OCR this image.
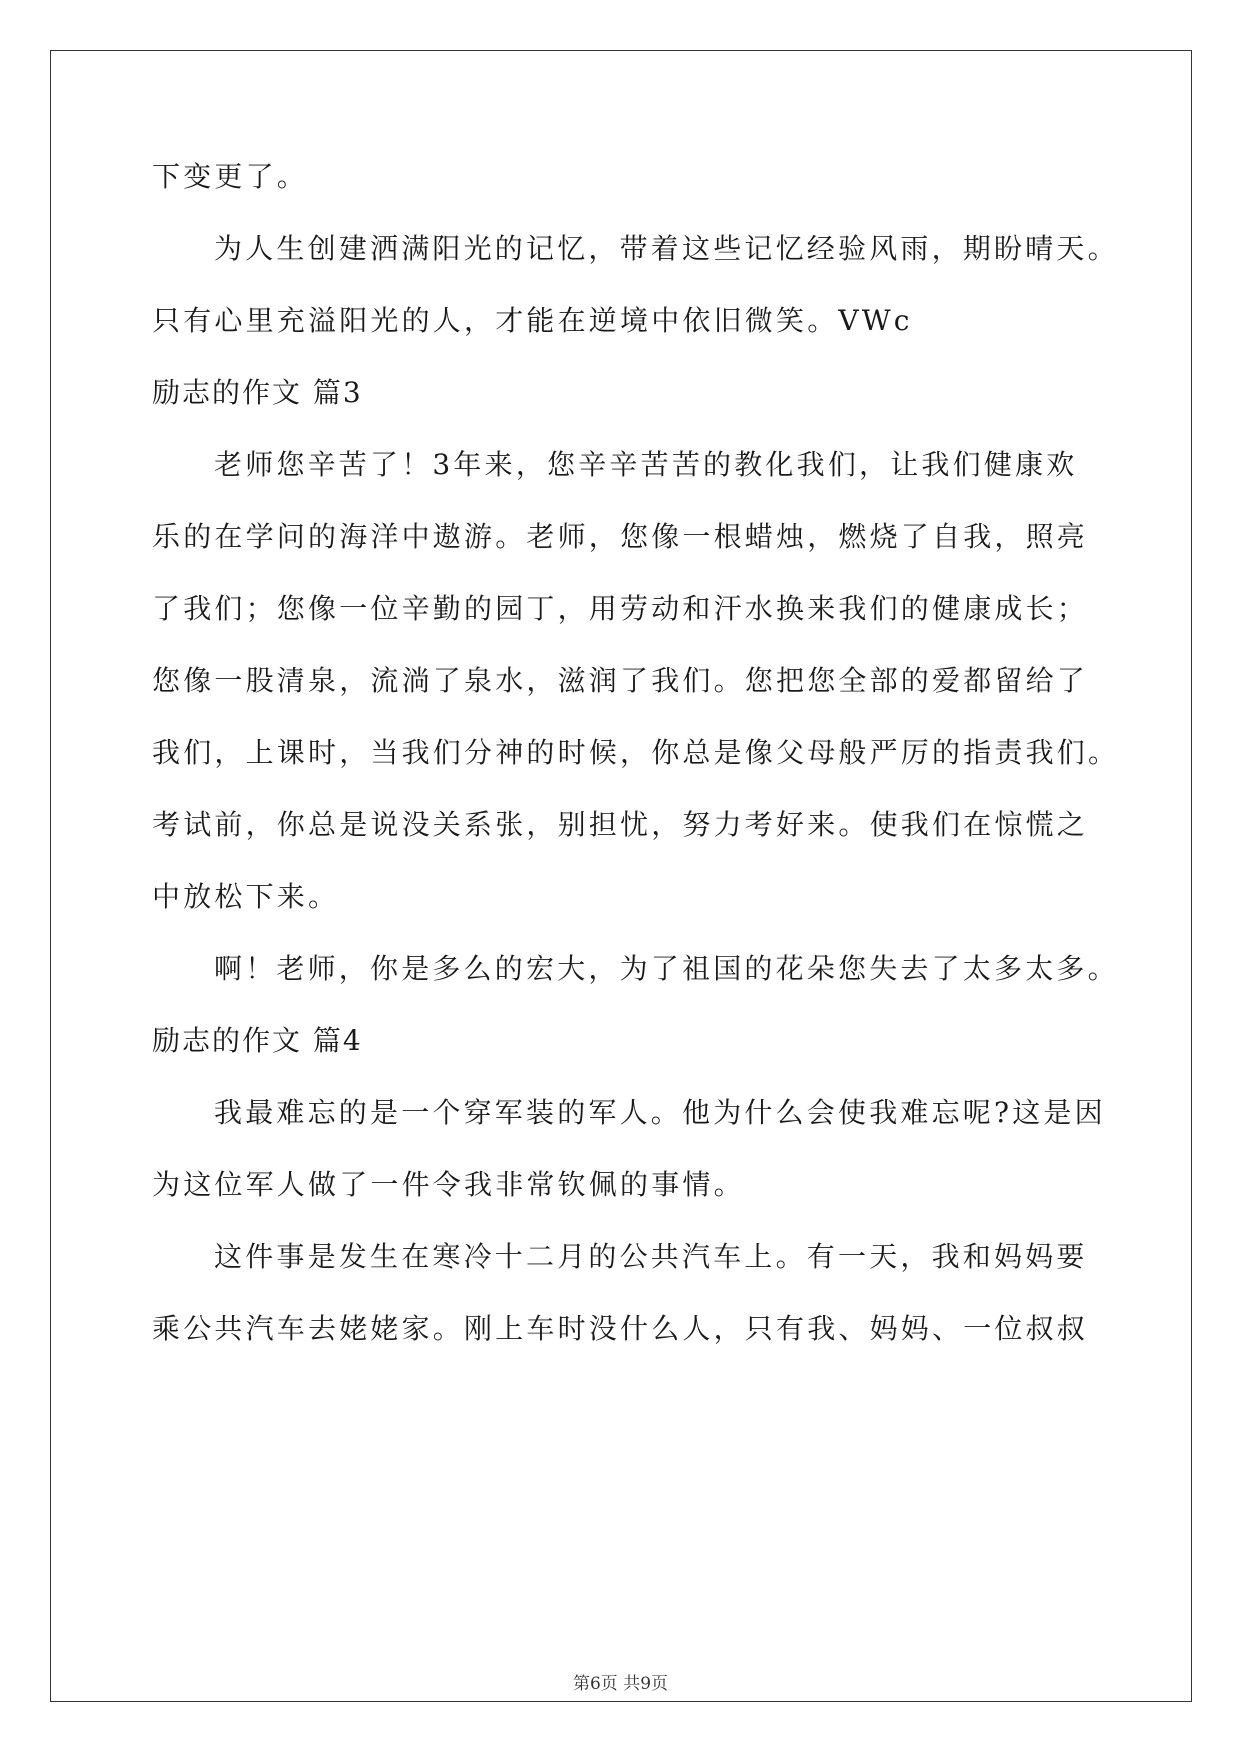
下变更了。

为人生创建洒满阳光的记忆，带着这些记忆经验风雨，期盼晴天。

只有心里充溢阳光的人，才能在逆境中依旧微笑。VWc

励志的作文 篇3

老师您辛苦了！3年来，您辛辛苦苦的教化我们，让我们健康欢

乐的在学问的海洋中遨游。老师，您像一根蜡烛，燃烧了自我，照亮

了我们；您像一位辛勤的园丁，用劳动和汗水换来我们的健康成长；

您像一股清泉，流淌了泉水，滋润了我们。您把您全部的爱都留给了

我们，上课时，当我们分神的时候，你总是像父母般严厉的指责我们。

考试前，你总是说没关系张，别担忧，努力考好来。使我们在惊慌之

中放松下来。

啊！老师，你是多么的宏大，为了祖国的花朵您失去了太多太多。

励志的作文 篇4

我最难忘的是一个穿军装的军人。他为什么会使我难忘呢?这是因

为这位军人做了一件令我非常钦佩的事情。

这件事是发生在寒冷十二月的公共汽车上。有一天，我和妈妈要

乘公共汽车去姥姥家。刚上车时没什么人，只有我、妈妈、一位叔叔

第6页 共9页
